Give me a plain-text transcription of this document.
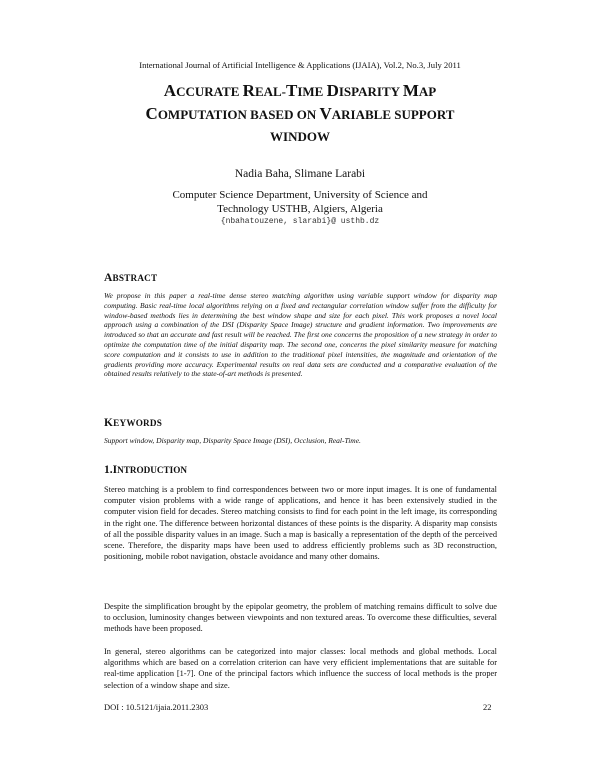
International Journal of Artificial Intelligence & Applications (IJAIA), Vol.2, No.3, July 2011
ACCURATE REAL-TIME DISPARITY MAP
COMPUTATION BASED ON VARIABLE SUPPORT
WINDOW
Nadia Baha, Slimane Larabi
Computer Science Department, University of Science and
Technology USTHB, Algiers, Algeria
{nbahatouzene, slarabi}@ usthb.dz
ABSTRACT
We propose in this paper a real-time dense stereo matching algorithm using variable support window for disparity map computing. Basic real-time local algorithms relying on a fixed and rectangular correlation window suffer from the difficulty for window-based methods lies in determining the best window shape and size for each pixel. This work proposes a novel local approach using a combination of the DSI (Disparity Space Image) structure and gradient information. Two improvements are introduced so that an accurate and fast result will be reached. The first one concerns the proposition of a new strategy in order to optimize the computation time of the initial disparity map. The second one, concerns the pixel similarity measure for matching score computation and it consists to use in addition to the traditional pixel intensities, the magnitude and orientation of the gradients providing more accuracy. Experimental results on real data sets are conducted and a comparative evaluation of the obtained results relatively to the state-of-art methods is presented.
KEYWORDS
Support window, Disparity map, Disparity Space Image (DSI), Occlusion, Real-Time.
1.INTRODUCTION
Stereo matching is a problem to find correspondences between two or more input images. It is one of fundamental computer vision problems with a wide range of applications, and hence it has been extensively studied in the computer vision field for decades. Stereo matching consists to find for each point in the left image, its corresponding in the right one. The difference between horizontal distances of these points is the disparity. A disparity map consists of all the possible disparity values in an image. Such a map is basically a representation of the depth of the perceived scene. Therefore, the disparity maps have been used to address efficiently problems such as 3D reconstruction, positioning, mobile robot navigation, obstacle avoidance and many other domains.
Despite the simplification brought by the epipolar geometry, the problem of matching remains difficult to solve due to occlusion, luminosity changes between viewpoints and non textured areas. To overcome these difficulties, several methods have been proposed.
In general, stereo algorithms can be categorized into major classes: local methods and global methods. Local algorithms which are based on a correlation criterion can have very efficient implementations that are suitable for real-time application [1-7]. One of the principal factors which influence the success of local methods is the proper selection of a window shape and size.
DOI : 10.5121/ijaia.2011.2303	22
